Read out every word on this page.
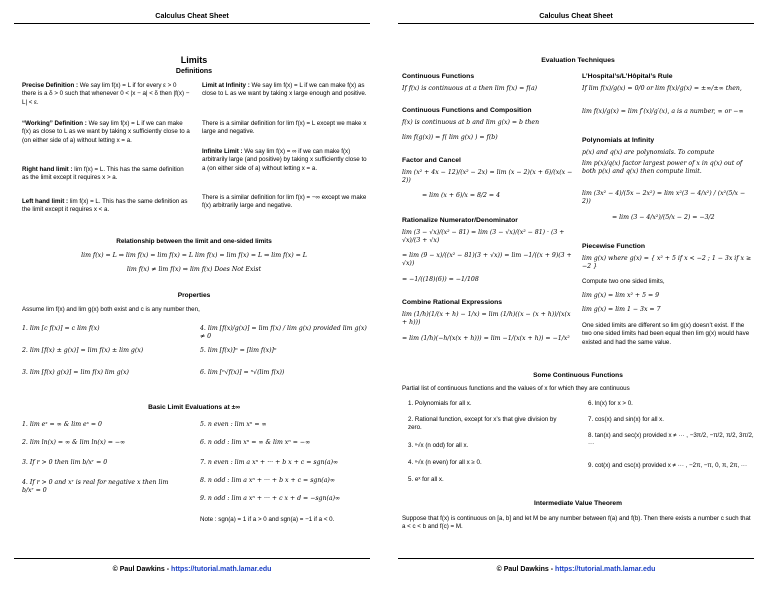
Calculus Cheat Sheet
Limits
Definitions
Precise Definition : We say lim f(x) = L if for every ε > 0 there is a δ > 0 such that whenever 0 < |x − a| < δ then |f(x) − L| < ε.
“Working” Definition : We say lim f(x) = L if we can make f(x) as close to L as we want by taking x sufficiently close to a (on either side of a) without letting x = a.
Right hand limit : lim f(x) = L. This has the same definition as the limit except it requires x > a.
Left hand limit : lim f(x) = L. This has the same definition as the limit except it requires x < a.
Limit at Infinity : We say lim f(x) = L if we can make f(x) as close to L as we want by taking x large enough and positive.
There is a similar definition for lim f(x) = L except we make x large and negative.
Infinite Limit : We say lim f(x) = ∞ if we can make f(x) arbitrarily large (and positive) by taking x sufficiently close to a (on either side of a) without letting x = a.
There is a similar definition for lim f(x) = −∞ except we make f(x) arbitrarily large and negative.
Relationship between the limit and one-sided limits
lim f(x) = L ⇒ lim f(x) = lim f(x) = L lim f(x) = lim f(x) = L ⇒ lim f(x) = L
lim f(x) ≠ lim f(x) ⇒ lim f(x) Does Not Exist
Properties
Assume lim f(x) and lim g(x) both exist and c is any number then,
1. lim [c f(x)] = c lim f(x)
2. lim [f(x) ± g(x)] = lim f(x) ± lim g(x)
3. lim [f(x) g(x)] = lim f(x) lim g(x)
4. lim [f(x)/g(x)] = lim f(x) / lim g(x) provided lim g(x) ≠ 0
5. lim [f(x)]ⁿ = [lim f(x)]ⁿ
6. lim [ⁿ√f(x)] = ⁿ√(lim f(x))
Basic Limit Evaluations at ±∞
1. lim eˣ = ∞ & lim eˣ = 0
2. lim ln(x) = ∞ & lim ln(x) = −∞
3. If r > 0 then lim b/xʳ = 0
4. If r > 0 and xʳ is real for negative x then lim b/xʳ = 0
5. n even : lim xⁿ = ∞
6. n odd : lim xⁿ = ∞ & lim xⁿ = −∞
7. n even : lim a xⁿ + ··· + b x + c = sgn(a)∞
8. n odd : lim a xⁿ + ··· + b x + c = sgn(a)∞
9. n odd : lim a xⁿ + ··· + c x + d = −sgn(a)∞
Note : sgn(a) = 1 if a > 0 and sgn(a) = −1 if a < 0.
© Paul Dawkins - https://tutorial.math.lamar.edu
Calculus Cheat Sheet
Evaluation Techniques
Continuous Functions
If f(x) is continuous at a then lim f(x) = f(a)
Continuous Functions and Composition
f(x) is continuous at b and lim g(x) = b then
lim f(g(x)) = f( lim g(x) ) = f(b)
Factor and Cancel
lim (x² + 4x − 12)/(x² − 2x) = lim (x − 2)(x + 6)/(x(x − 2))
= lim (x + 6)/x = 8/2 = 4
Rationalize Numerator/Denominator
lim (3 − √x)/(x² − 81) = lim (3 − √x)/(x² − 81) · (3 + √x)/(3 + √x)
= lim (9 − x)/((x² − 81)(3 + √x)) = lim −1/((x + 9)(3 + √x))
= −1/((18)(6)) = −1/108
Combine Rational Expressions
lim (1/h)(1/(x + h) − 1/x) = lim (1/h)((x − (x + h))/(x(x + h)))
= lim (1/h)(−h/(x(x + h))) = lim −1/(x(x + h)) = −1/x²
L’Hospital’s/L’Hôpital’s Rule
If lim f(x)/g(x) = 0/0 or lim f(x)/g(x) = ±∞/±∞ then,
lim f(x)/g(x) = lim f′(x)/g′(x), a is a number, ∞ or −∞
Polynomials at Infinity
p(x) and q(x) are polynomials. To compute
lim p(x)/q(x) factor largest power of x in q(x) out of both p(x) and q(x) then compute limit.
lim (3x² − 4)/(5x − 2x²) = lim x²(3 − 4/x²) / (x²(5/x − 2))
= lim (3 − 4/x²)/(5/x − 2) = −3/2
Piecewise Function
lim g(x) where g(x) = { x² + 5 if x < −2 ; 1 − 3x if x ≥ −2 }
Compute two one sided limits,
lim g(x) = lim x² + 5 = 9
lim g(x) = lim 1 − 3x = 7
One sided limits are different so lim g(x) doesn’t exist. If the two one sided limits had been equal then lim g(x) would have existed and had the same value.
Some Continuous Functions
Partial list of continuous functions and the values of x for which they are continuous
1. Polynomials for all x.
2. Rational function, except for x’s that give division by zero.
3. ⁿ√x (n odd) for all x.
4. ⁿ√x (n even) for all x ≥ 0.
5. eˣ for all x.
6. ln(x) for x > 0.
7. cos(x) and sin(x) for all x.
8. tan(x) and sec(x) provided x ≠ ··· , −3π/2, −π/2, π/2, 3π/2, ···
9. cot(x) and csc(x) provided x ≠ ··· , −2π, −π, 0, π, 2π, ···
Intermediate Value Theorem
Suppose that f(x) is continuous on [a, b] and let M be any number between f(a) and f(b). Then there exists a number c such that a < c < b and f(c) = M.
© Paul Dawkins - https://tutorial.math.lamar.edu
